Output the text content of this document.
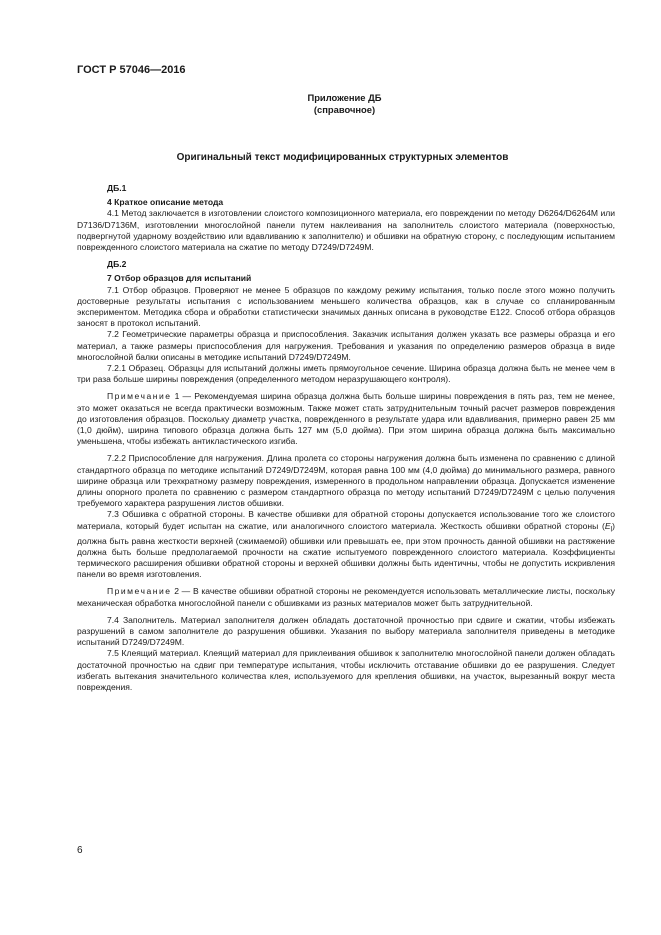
ГОСТ Р 57046—2016
Приложение ДБ
(справочное)
Оригинальный текст модифицированных структурных элементов

ДБ.1

4 Краткое описание метода

4.1 Метод заключается в изготовлении слоистого композиционного материала, его повреждении по методу D6264/D6264M или D7136/D7136M, изготовлении многослойной панели путем наклеивания на заполнитель слоистого материала (поверхностью, подвергнутой ударному воздействию или вдавливанию к заполнителю) и обшивки на обратную сторону, с последующим испытанием поврежденного слоистого материала на сжатие по методу D7249/D7249M.

ДБ.2

7 Отбор образцов для испытаний

7.1 Отбор образцов. Проверяют не менее 5 образцов по каждому режиму испытания, только после этого можно получить достоверные результаты испытания с использованием меньшего количества образцов, как в случае со спланированным экспериментом. Методика сбора и обработки статистически значимых данных описана в руководстве E122. Способ отбора образцов заносят в протокол испытаний.

7.2 Геометрические параметры образца и приспособления. Заказчик испытания должен указать все размеры образца и его материал, а также размеры приспособления для нагружения. Требования и указания по определению размеров образца в виде многослойной балки описаны в методике испытаний D7249/D7249M.

7.2.1 Образец. Образцы для испытаний должны иметь прямоугольное сечение. Ширина образца должна быть не менее чем в три раза больше ширины повреждения (определенного методом неразрушающего контроля).

Примечание 1 — Рекомендуемая ширина образца должна быть больше ширины повреждения в пять раз, тем не менее, это может оказаться не всегда практически возможным. Также может стать затруднительным точный расчет размеров повреждения до изготовления образцов. Поскольку диаметр участка, поврежденного в результате удара или вдавливания, примерно равен 25 мм (1,0 дюйм), ширина типового образца должна быть 127 мм (5,0 дюйма). При этом ширина образца должна быть максимально уменьшена, чтобы избежать антикластического изгиба.

7.2.2 Приспособление для нагружения. Длина пролета со стороны нагружения должна быть изменена по сравнению с длиной стандартного образца по методике испытаний D7249/D7249M, которая равна 100 мм (4,0 дюйма) до минимального размера, равного ширине образца или трехкратному размеру повреждения, измеренного в продольном направлении образца. Допускается изменение длины опорного пролета по сравнению с размером стандартного образца по методу испытаний D7249/D7249M с целью получения требуемого характера разрушения листов обшивки.

7.3 Обшивка с обратной стороны. В качестве обшивки для обратной стороны допускается использование того же слоистого материала, который будет испытан на сжатие, или аналогичного слоистого материала. Жесткость обшивки обратной стороны $(E_l)$ должна быть равна жесткости верхней (сжимаемой) обшивки или превышать ее, при этом прочность данной обшивки на растяжение должна быть больше предполагаемой прочности на сжатие испытуемого поврежденного слоистого материала. Коэффициенты термического расширения обшивки обратной стороны и верхней обшивки должны быть идентичны, чтобы не допустить искривления панели во время изготовления.

Примечание 2 — В качестве обшивки обратной стороны не рекомендуется использовать металлические листы, поскольку механическая обработка многослойной панели с обшивками из разных материалов может быть затруднительной.

7.4 Заполнитель. Материал заполнителя должен обладать достаточной прочностью при сдвиге и сжатии, чтобы избежать разрушений в самом заполнителе до разрушения обшивки. Указания по выбору материала заполнителя приведены в методике испытаний D7249/D7249M.

7.5 Клеящий материал. Клеящий материал для приклеивания обшивок к заполнителю многослойной панели должен обладать достаточной прочностью на сдвиг при температуре испытания, чтобы исключить отставание обшивки до ее разрушения. Следует избегать вытекания значительного количества клея, используемого для крепления обшивки, на участок, вырезанный вокруг места повреждения.

6
